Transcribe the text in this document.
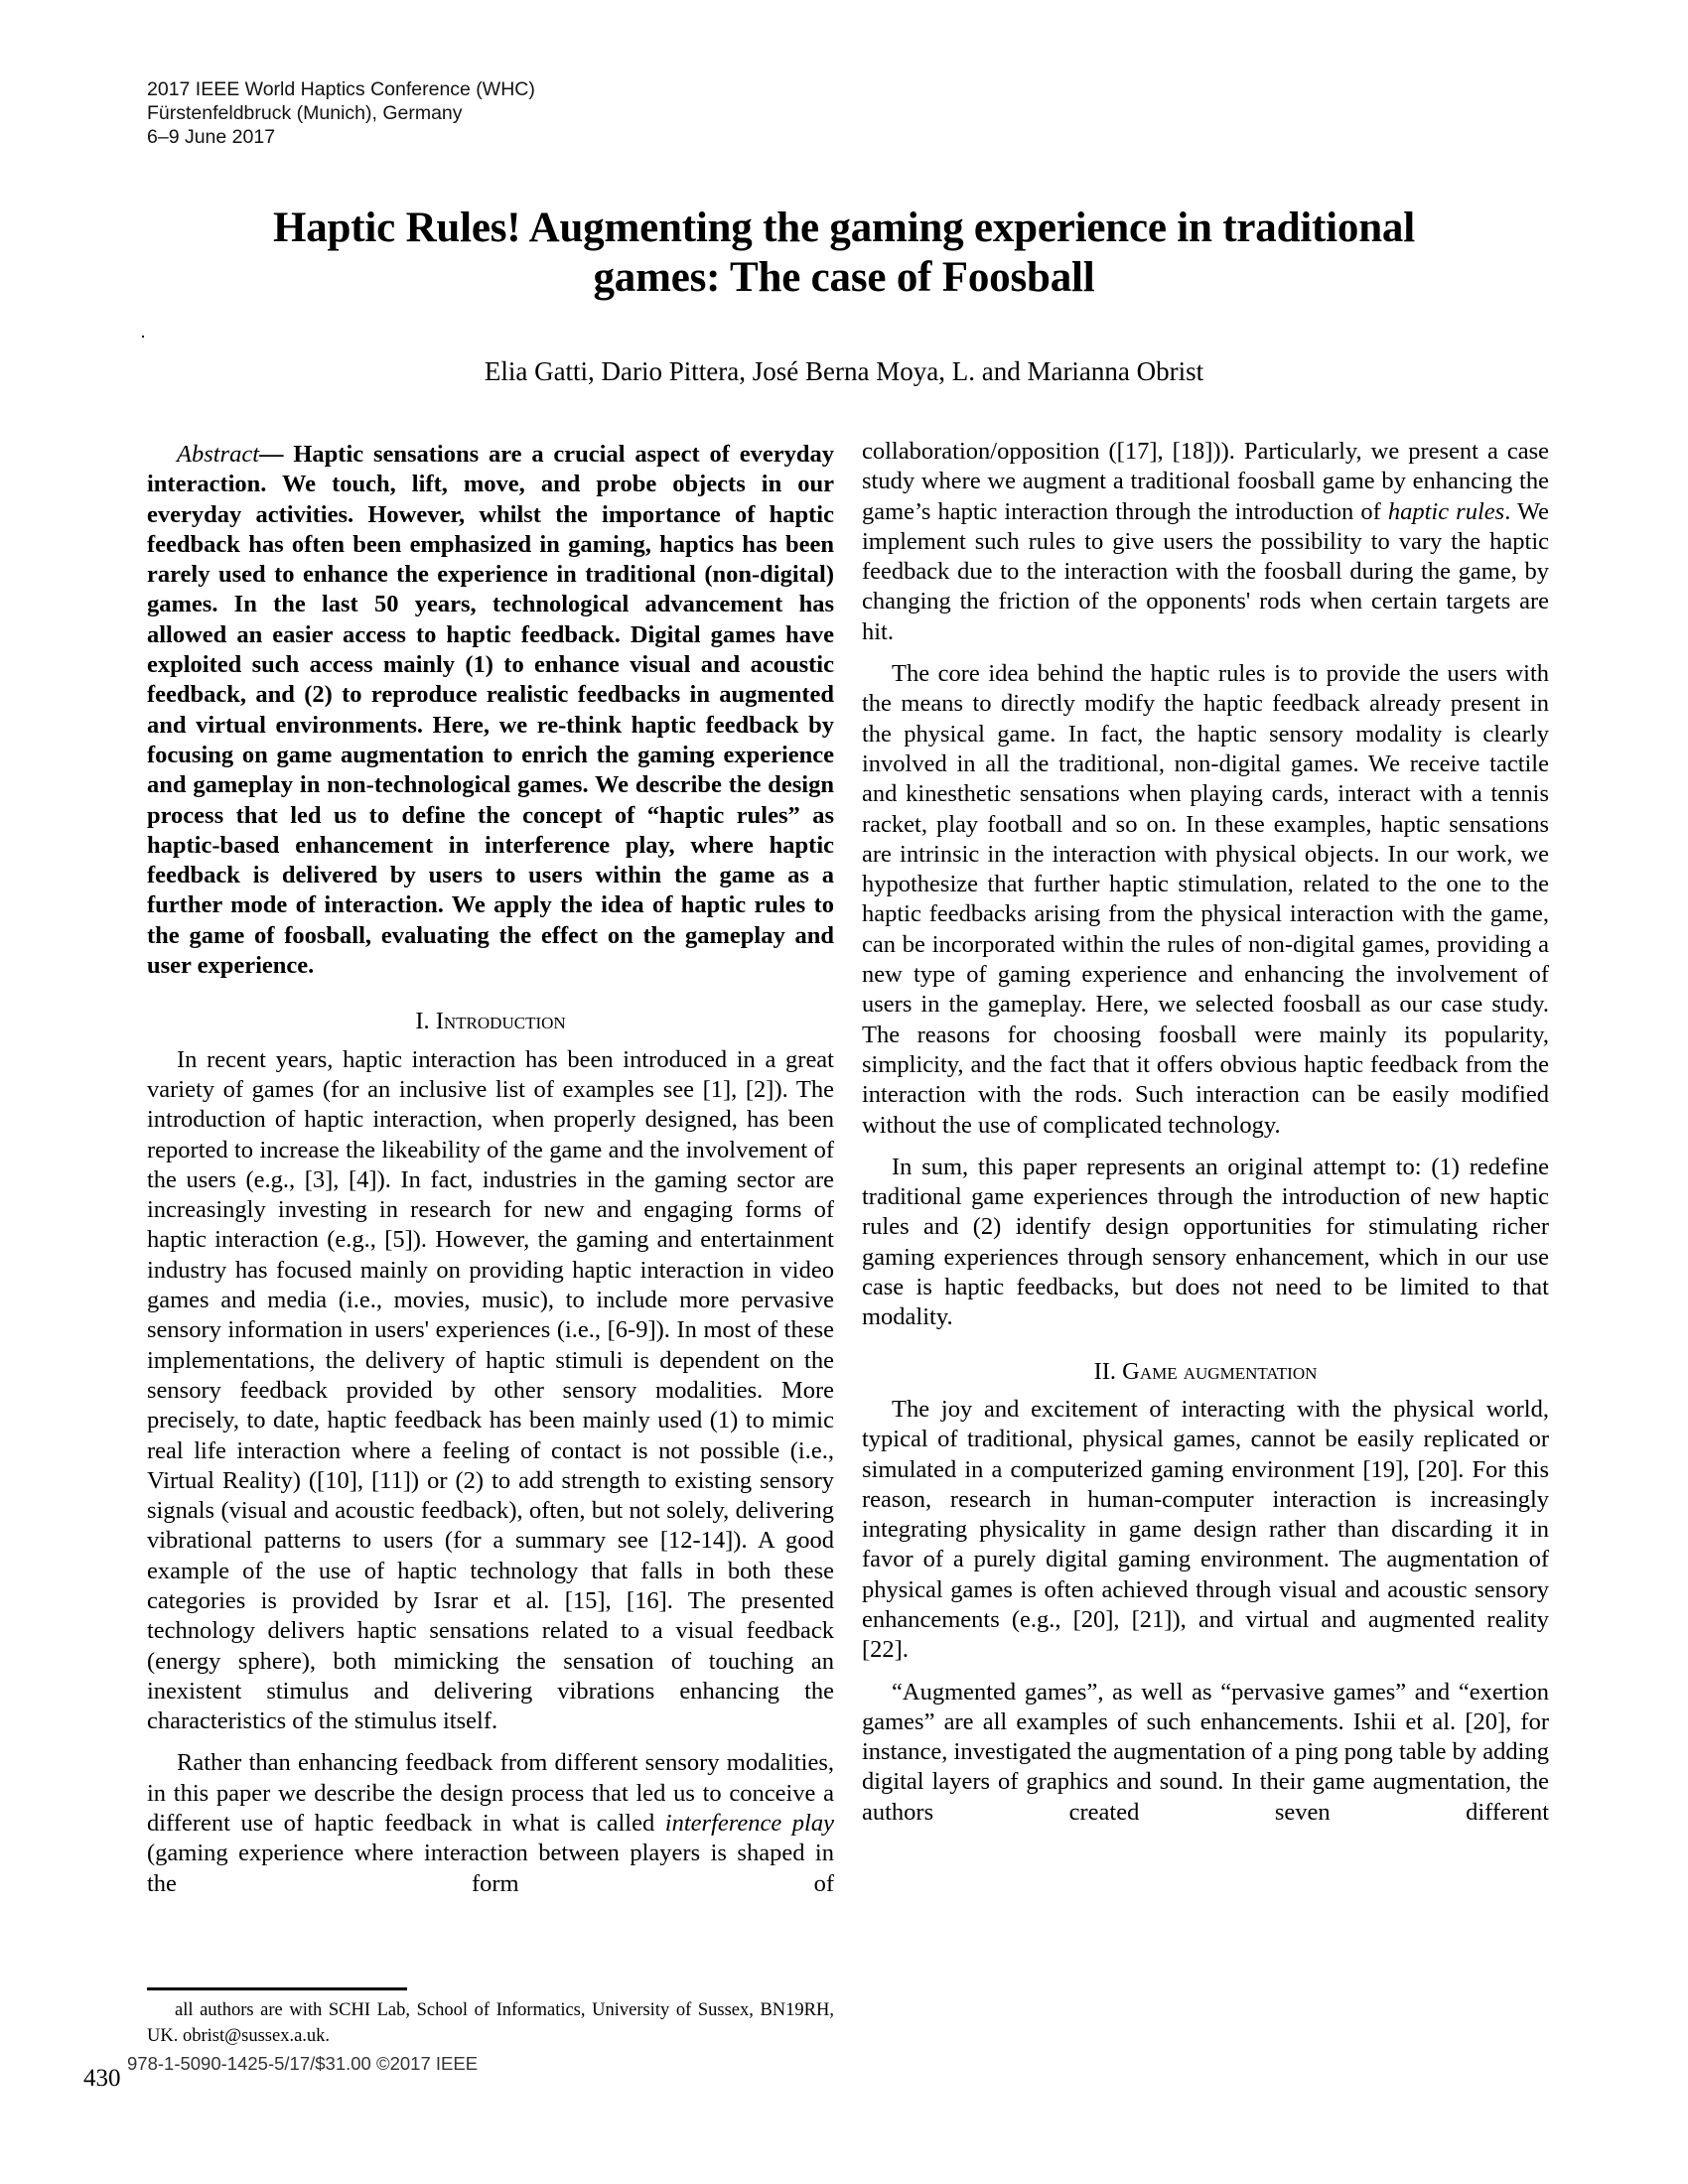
2017 IEEE World Haptics Conference (WHC)
Fürstenfeldbruck (Munich), Germany
6–9 June 2017
Haptic Rules! Augmenting the gaming experience in traditional
games: The case of Foosball
Elia Gatti, Dario Pittera, José Berna Moya, L. and Marianna Obrist

Abstract— Haptic sensations are a crucial aspect of everyday interaction. We touch, lift, move, and probe objects in our everyday activities. However, whilst the importance of haptic feedback has often been emphasized in gaming, haptics has been rarely used to enhance the experience in traditional (non-digital) games. In the last 50 years, technological advancement has allowed an easier access to haptic feedback. Digital games have exploited such access mainly (1) to enhance visual and acoustic feedback, and (2) to reproduce realistic feedbacks in augmented and virtual environments. Here, we re-think haptic feedback by focusing on game augmentation to enrich the gaming experience and gameplay in non-technological games. We describe the design process that led us to define the concept of “haptic rules” as haptic-based enhancement in interference play, where haptic feedback is delivered by users to users within the game as a further mode of interaction. We apply the idea of haptic rules to the game of foosball, evaluating the effect on the gameplay and user experience.

I. Introduction

In recent years, haptic interaction has been introduced in a great variety of games (for an inclusive list of examples see [1], [2]). The introduction of haptic interaction, when properly designed, has been reported to increase the likeability of the game and the involvement of the users (e.g., [3], [4]). In fact, industries in the gaming sector are increasingly investing in research for new and engaging forms of haptic interaction (e.g., [5]). However, the gaming and entertainment industry has focused mainly on providing haptic interaction in video games and media (i.e., movies, music), to include more pervasive sensory information in users' experiences (i.e., [6-9]). In most of these implementations, the delivery of haptic stimuli is dependent on the sensory feedback provided by other sensory modalities. More precisely, to date, haptic feedback has been mainly used (1) to mimic real life interaction where a feeling of contact is not possible (i.e., Virtual Reality) ([10], [11]) or (2) to add strength to existing sensory signals (visual and acoustic feedback), often, but not solely, delivering vibrational patterns to users (for a summary see [12-14]). A good example of the use of haptic technology that falls in both these categories is provided by Israr et al. [15], [16]. The presented technology delivers haptic sensations related to a visual feedback (energy sphere), both mimicking the sensation of touching an inexistent stimulus and delivering vibrations enhancing the characteristics of the stimulus itself.

Rather than enhancing feedback from different sensory modalities, in this paper we describe the design process that led us to conceive a different use of haptic feedback in what is called interference play (gaming experience where interaction between players is shaped in the form of

collaboration/opposition ([17], [18])). Particularly, we present a case study where we augment a traditional foosball game by enhancing the game’s haptic interaction through the introduction of haptic rules. We implement such rules to give users the possibility to vary the haptic feedback due to the interaction with the foosball during the game, by changing the friction of the opponents' rods when certain targets are hit.

The core idea behind the haptic rules is to provide the users with the means to directly modify the haptic feedback already present in the physical game. In fact, the haptic sensory modality is clearly involved in all the traditional, non-digital games. We receive tactile and kinesthetic sensations when playing cards, interact with a tennis racket, play football and so on. In these examples, haptic sensations are intrinsic in the interaction with physical objects. In our work, we hypothesize that further haptic stimulation, related to the one to the haptic feedbacks arising from the physical interaction with the game, can be incorporated within the rules of non-digital games, providing a new type of gaming experience and enhancing the involvement of users in the gameplay. Here, we selected foosball as our case study. The reasons for choosing foosball were mainly its popularity, simplicity, and the fact that it offers obvious haptic feedback from the interaction with the rods. Such interaction can be easily modified without the use of complicated technology.

In sum, this paper represents an original attempt to: (1) redefine traditional game experiences through the introduction of new haptic rules and (2) identify design opportunities for stimulating richer gaming experiences through sensory enhancement, which in our use case is haptic feedbacks, but does not need to be limited to that modality.

II. Game augmentation

The joy and excitement of interacting with the physical world, typical of traditional, physical games, cannot be easily replicated or simulated in a computerized gaming environment [19], [20]. For this reason, research in human-computer interaction is increasingly integrating physicality in game design rather than discarding it in favor of a purely digital gaming environment. The augmentation of physical games is often achieved through visual and acoustic sensory enhancements (e.g., [20], [21]), and virtual and augmented reality [22].

“Augmented games”, as well as “pervasive games” and “exertion games” are all examples of such enhancements. Ishii et al. [20], for instance, investigated the augmentation of a ping pong table by adding digital layers of graphics and sound. In their game augmentation, the authors created seven different

all authors are with SCHI Lab, School of Informatics, University of Sussex, BN19RH, UK. obrist@sussex.a.uk.
430
978-1-5090-1425-5/17/$31.00 ©2017 IEEE
